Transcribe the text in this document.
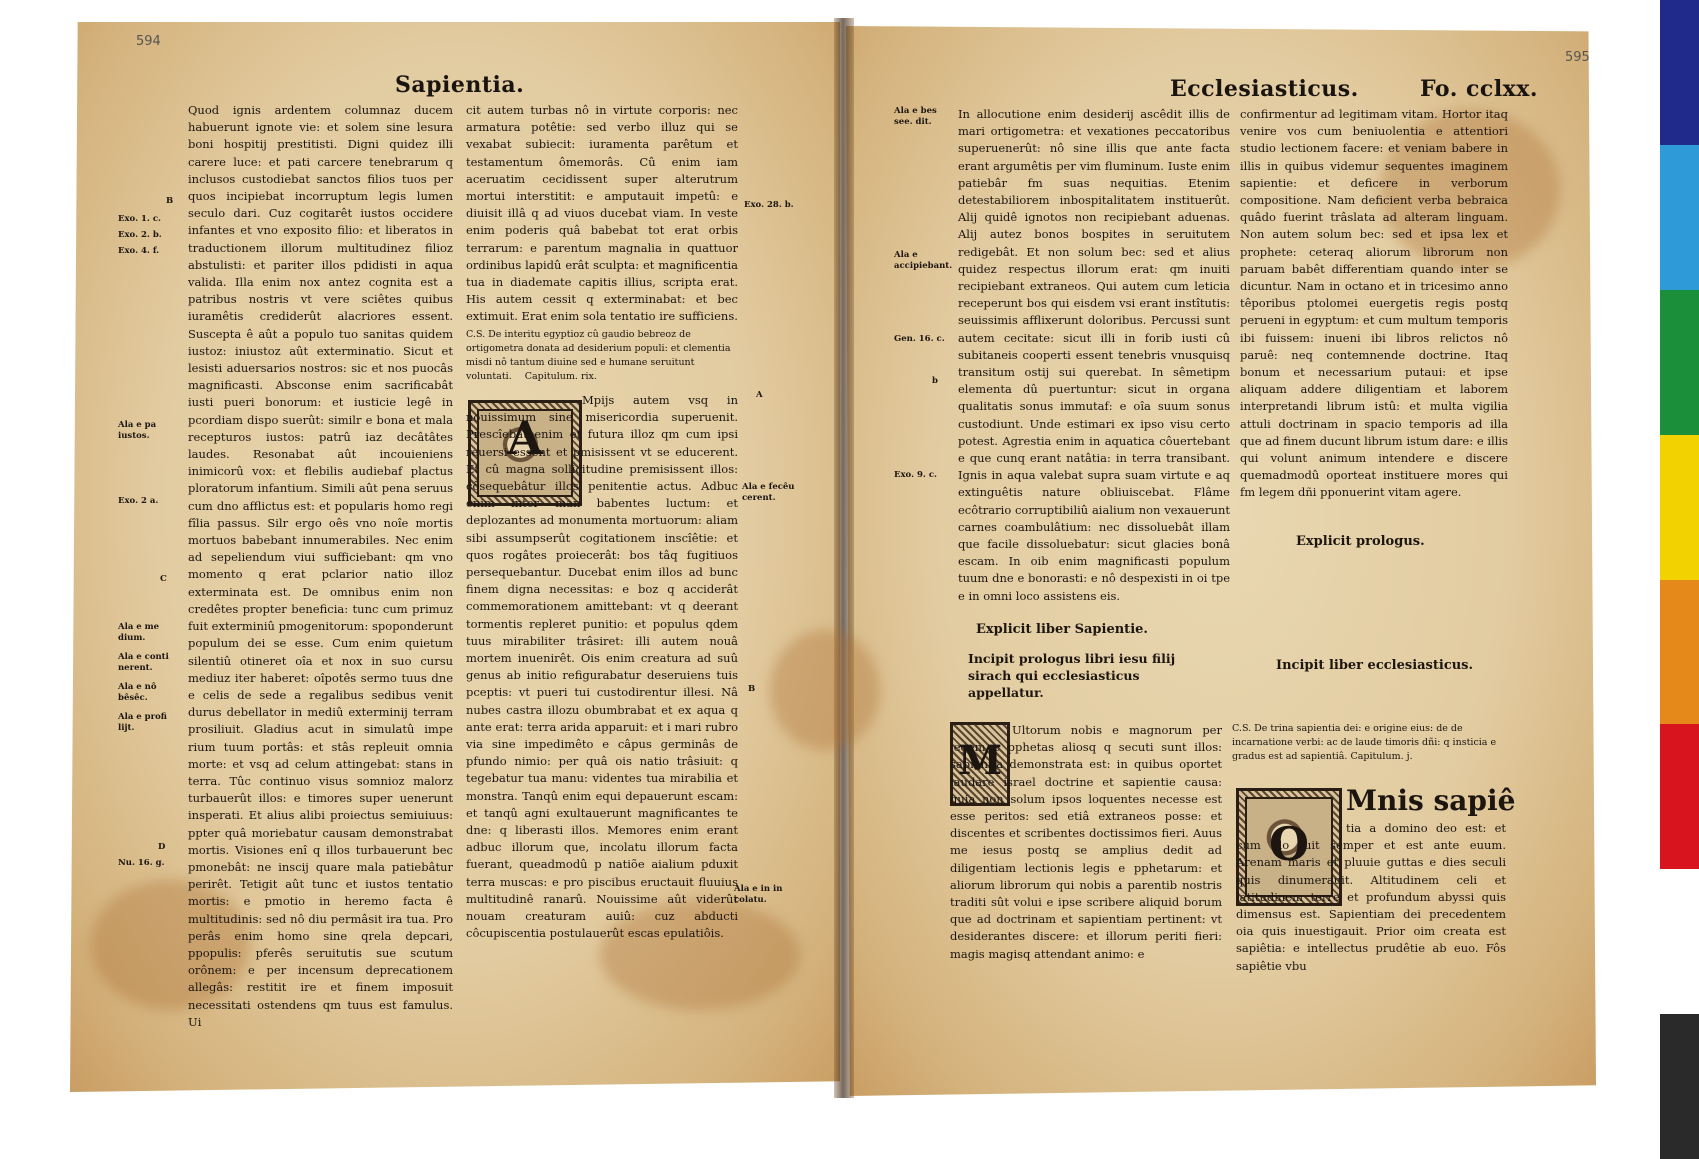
594
595
Sapientia.

Quod ignis ardentem columnaz ducem habuerunt ignote vie: et solem sine lesura boni hospitij prestitisti. Digni quidez illi carere luce: et pati carcere tenebrarum q inclusos custodiebat sanctos filios tuos per quos incipiebat incorruptum legis lumen seculo dari. Cuz cogitarêt iustos occidere infantes et vno exposito filio: et liberatos in traductionem illorum multitudinez filioz abstulisti: et pariter illos pdidisti in aqua valida. Illa enim nox antez cognita est a patribus nostris vt vere sciêtes quibus iuramêtis crediderût alacriores essent. Suscepta ê aût a populo tuo sanitas quidem iustoz: iniustoz aût exterminatio. Sicut et lesisti aduersarios nostros: sic et nos puocâs magnificasti. Absconse enim sacrificabât iusti pueri bonorum: et iusticie legê in pcordiam dispo suerût: similr e bona et mala recepturos iustos: patrû iaz decâtâtes laudes. Resonabat aût incouieniens inimicorû vox: et flebilis audiebaf plactus ploratorum infantium. Simili aût pena seruus cum dno afflictus est: et popularis homo regi fîlia passus. Silr ergo oês vno noîe mortis mortuos babebant innumerabiles. Nec enim ad sepeliendum viui sufficiebant: qm vno momento q erat pclarior natio illoz exterminata est. De omnibus enim non credêtes propter beneficia: tunc cum primuz fuit exterminiû pmogenitorum: spoponderunt populum dei se esse. Cum enim quietum silentiû otineret oîa et nox in suo cursu mediuz iter haberet: oîpotês sermo tuus dne e celis de sede a regalibus sedibus venit durus debellator in mediû exterminij terram prosiliuit. Gladius acut in simulatû impe rium tuum portâs: et stâs repleuit omnia morte: et vsq ad celum attingebat: stans in terra. Tûc continuo visus somnioz malorz turbauerût illos: e timores super uenerunt insperati. Et alius alibi proiectus semiuiuus: ppter quâ moriebatur causam demonstrabat mortis. Visiones enî q illos turbauerunt bec pmonebât: ne inscij quare mala patiebâtur perirêt. Tetigit aût tunc et iustos tentatio mortis: e pmotio in heremo facta ê multitudinis: sed nô diu permâsit ira tua. Pro perâs enim homo sine qrela depcari, ppopulis: pferês seruitutis sue scutum orônem: e per incensum deprecationem allegâs: restitit ire et finem imposuit necessitati ostendens qm tuus est famulus. Ui

cit autem turbas nô in virtute corporis: nec armatura potêtie: sed verbo illuz qui se vexabat subiecit: iuramenta parêtum et testamentum ômemorâs. Cû enim iam aceruatim cecidissent super alterutrum mortui interstitit: e amputauit impetû: e diuisit illâ q ad viuos ducebat viam. In veste enim poderis quâ babebat tot erat orbis terrarum: e parentum magnalia in quattuor ordinibus lapidû erât sculpta: et magnificentia tua in diademate capitis illius, scripta erat. His autem cessit q exterminabat: et bec extimuit. Erat enim sola tentatio ire sufficiens.

C.S. De interitu egyptioz cû gaudio bebreoz de ortigometra donata ad desiderium populi: et clementia misdi nô tantum diuine sed e humane seruitunt voluntati. Capitulum. rix.
A

Mpijs autem vsq in nouissimum sine misericordia superuenit. Prescîebat enim et futura illoz qm cum ipsi reuersi essent et pmisissent vt se educerent. Et cû magna sollicitudine premisissent illos: côsequebâtur illos penitentie actus. Adbuc enim inter man babentes luctum: et deplozantes ad monumenta mortuorum: aliam sibi assumpserût cogitationem inscîêtie: et quos rogâtes proiecerât: bos tâq fugitiuos persequebantur. Ducebat enim illos ad bunc finem digna necessitas: e boz q acciderât commemorationem amittebant: vt q deerant tormentis repleret punitio: et populus qdem tuus mirabiliter trâsiret: illi autem nouâ mortem inuenirêt. Ois enim creatura ad suû genus ab initio refigurabatur deseruiens tuis pceptis: vt pueri tui custodirentur illesi. Nâ nubes castra illozu obumbrabat et ex aqua q ante erat: terra arida apparuit: et i mari rubro via sine impedimêto e câpus germinâs de pfundo nimio: per quâ ois natio trâsiuit: q tegebatur tua manu: videntes tua mirabilia et monstra. Tanqû enim equi depauerunt escam: et tanqû agni exultauerunt magnificantes te dne: q liberasti illos. Memores enim erant adbuc illorum que, incolatu illorum facta fuerant, queadmodû p natiõe aialium pduxit terra muscas: e pro piscibus eructauit fluuius multitudinê ranarû. Nouissime aût viderût nouam creaturam auiû: cuz abducti côcupiscentia postulauerût escas epulatiôis.

B
Exo. 1. c.
Exo. 2. b.
Exo. 4. f.
Ala e pa iustos.
Exo. 2 a.
C
Ala e me dium.
Ala e conti nerent.
Ala e nô bêsêc.
Ala e profi lijt.
D
Nu. 16. g.
Exo. 28. b.
A
Ala e fecêu cerent.
B
Ala e in in colatu.
Ecclesiasticus.	Fo. cclxx.

In allocutione enim desiderij ascêdit illis de mari ortigometra: et vexationes peccatoribus superuenerût: nô sine illis que ante facta erant argumêtis per vim fluminum. Iuste enim patiebâr fm suas nequitias. Etenim detestabiliorem inbospitalitatem instituerût. Alij quidê ignotos non recipiebant aduenas. Alij autez bonos bospites in seruitutem redigebât. Et non solum bec: sed et alius quidez respectus illorum erat: qm inuiti recipiebant extraneos. Qui autem cum leticia receperunt bos qui eisdem vsi erant instîtutis: seuissimis afflixerunt doloribus. Percussi sunt autem cecitate: sicut illi in forib iusti cû subitaneis cooperti essent tenebris vnusquisq transitum ostij sui querebat. In sêmetipm elementa dû puertuntur: sicut in organa qualitatis sonus immutaf: e oîa suum sonus custodiunt. Unde estimari ex ipso visu certo potest. Agrestia enim in aquatica côuertebant e que cunq erant natâtia: in terra transibant. Ignis in aqua valebat supra suam virtute e aq extinguêtis nature obliuiscebat. Flâme ecôtrario corruptibiliû aialium non vexauerunt carnes coambulâtium: nec dissoluebât illam que facile dissoluebatur: sicut glacies bonâ escam. In oib enim magnificasti populum tuum dne e bonorasti: e nô despexisti in oi tpe e in omni loco assistens eis.

confirmentur ad legitimam vitam. Hortor itaq venire vos cum beniuolentia e attentiori studio lectionem facere: et veniam babere in illis in quibus videmur sequentes imaginem sapientie: et deficere in verborum compositione. Nam deficient verba bebraica quâdo fuerint trâslata ad alteram linguam. Non autem solum bec: sed et ipsa lex et prophete: ceteraq aliorum librorum non paruam babêt differentiam quando inter se dicuntur. Nam in octano et in tricesimo anno têporibus ptolomei euergetis regis postq perueni in egyptum: et cum multum temporis ibi fuissem: inueni ibi libros relictos nô paruê: neq contemnende doctrine. Itaq bonum et necessarium putaui: et ipse aliquam addere diligentiam et laborem interpretandi librum istû: et multa vigilia attuli doctrinam in spacio temporis ad illa que ad finem ducunt librum istum dare: e illis qui volunt animum intendere e discere quemadmodû oporteat instituere mores qui fm legem dñi pponuerint vitam agere.

Explicit prologus.
Explicit liber Sapientie.
Incipit prologus libri iesu filij sirach qui ecclesiasticus appellatur.
Incipit liber ecclesiasticus.
M

Ultorum nobis e magnorum per legem e pphetas aliosq q secuti sunt illos: sapientia demonstrata est: in quibus oportet laudare israel doctrine et sapientie causa: quia non solum ipsos loquentes necesse est esse peritos: sed etiâ extraneos posse: et discentes et scribentes doctissimos fieri. Auus me iesus postq se amplius dedit ad diligentiam lectionis legis e pphetarum: et aliorum librorum qui nobis a parentib nostris traditi sût volui e ipse scribere aliquid borum que ad doctrinam et sapientiam pertinent: vt desiderantes discere: et illorum periti fieri: magis magisq attendant animo: e

C.S. De trina sapientia dei: e origine eius: de de incarnatione verbi: ac de laude timoris dñi: q insticia e gradus est ad sapientiâ. Capitulum. j.
O
Mnis sapiê

tia a domino deo est: et cum illo fuit semper et est ante euum. Arenam maris et pluuie guttas e dies seculi quis dinumerauit. Altitudinem celi et latitudinem terre et profundum abyssi quis dimensus est. Sapientiam dei precedentem oia quis inuestigauit. Prior oim creata est sapiêtia: e intellectus prudêtie ab euo. Fôs sapiêtie vbu

Ala e bes see. dit.
Ala e accipiebant.
Gen. 16. c.
b
Exo. 9. c.
